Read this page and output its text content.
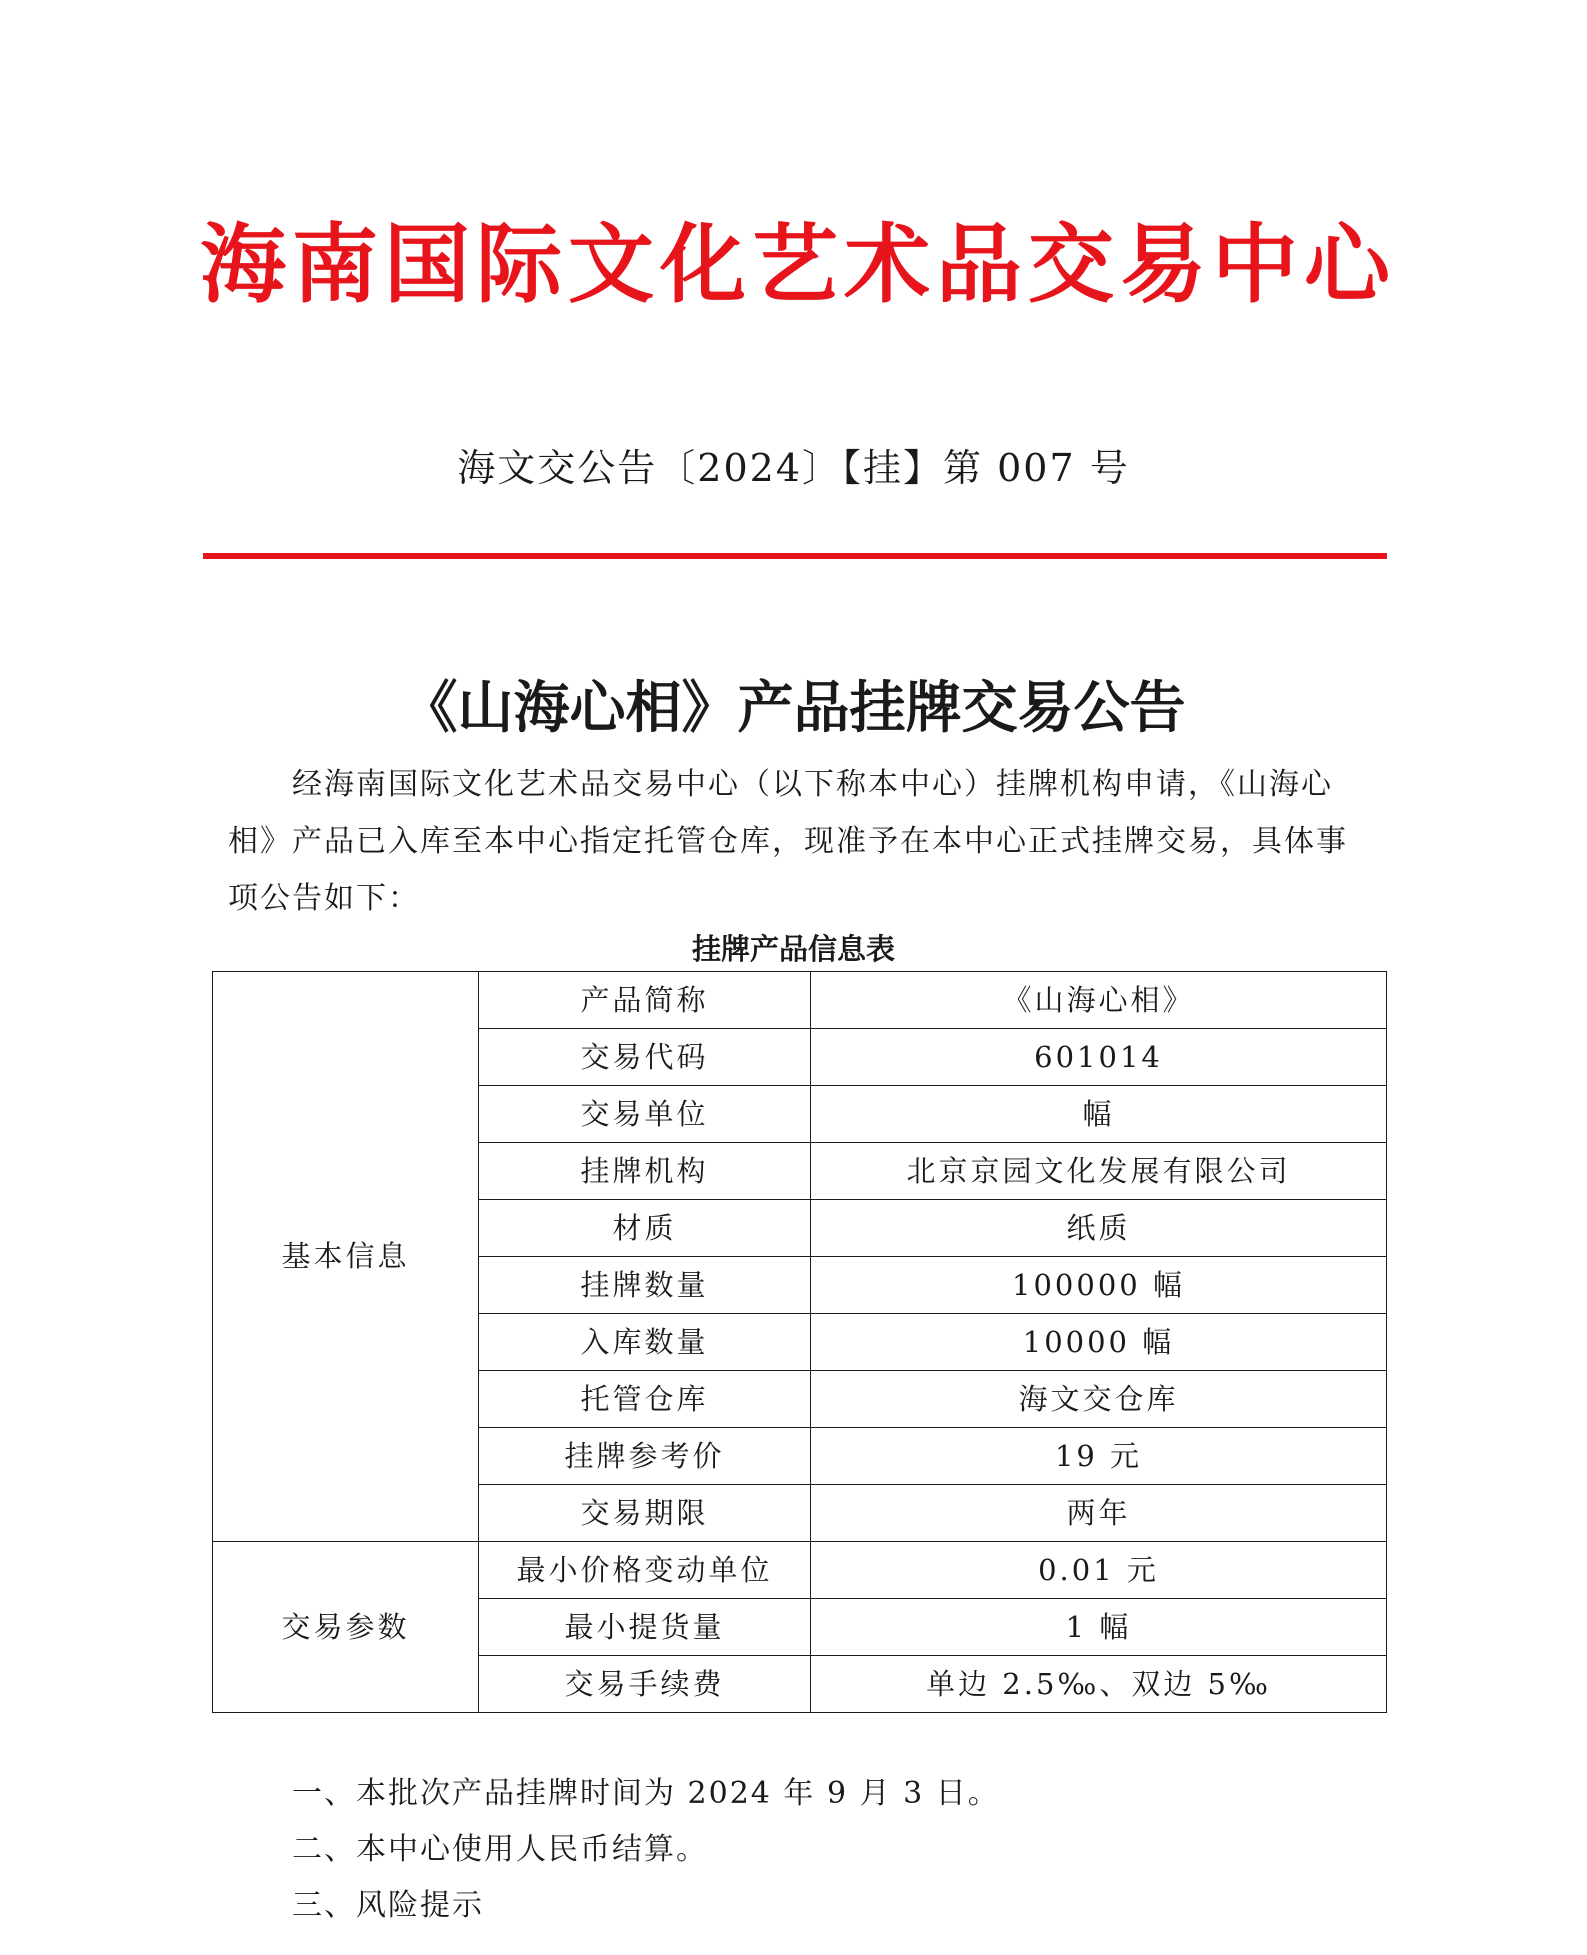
海 南 国 际 文 化 艺 术 品 交 易 中 心
海文交公告〔2024〕【挂】第 007 号
《山海心相》产品挂牌交易公告

经海南国际文化艺术品交易中心（以下称本中心）挂牌机构申请，《山海心相》产品已入库至本中心指定托管仓库，现准予在本中心正式挂牌交易，具体事项公告如下：

挂牌产品信息表
基本信息	产品简称	《山海心相》
	交易代码	601014
	交易单位	幅
	挂牌机构	北京京园文化发展有限公司
	材质	纸质
	挂牌数量	100000 幅
	入库数量	10000 幅
	托管仓库	海文交仓库
	挂牌参考价	19 元
	交易期限	两年
交易参数	最小价格变动单位	0.01 元
	最小提货量	1 幅
	交易手续费	单边 2.5‰、双边 5‰
一、本批次产品挂牌时间为 2024 年 9 月 3 日。
二、本中心使用人民币结算。
三、风险提示
